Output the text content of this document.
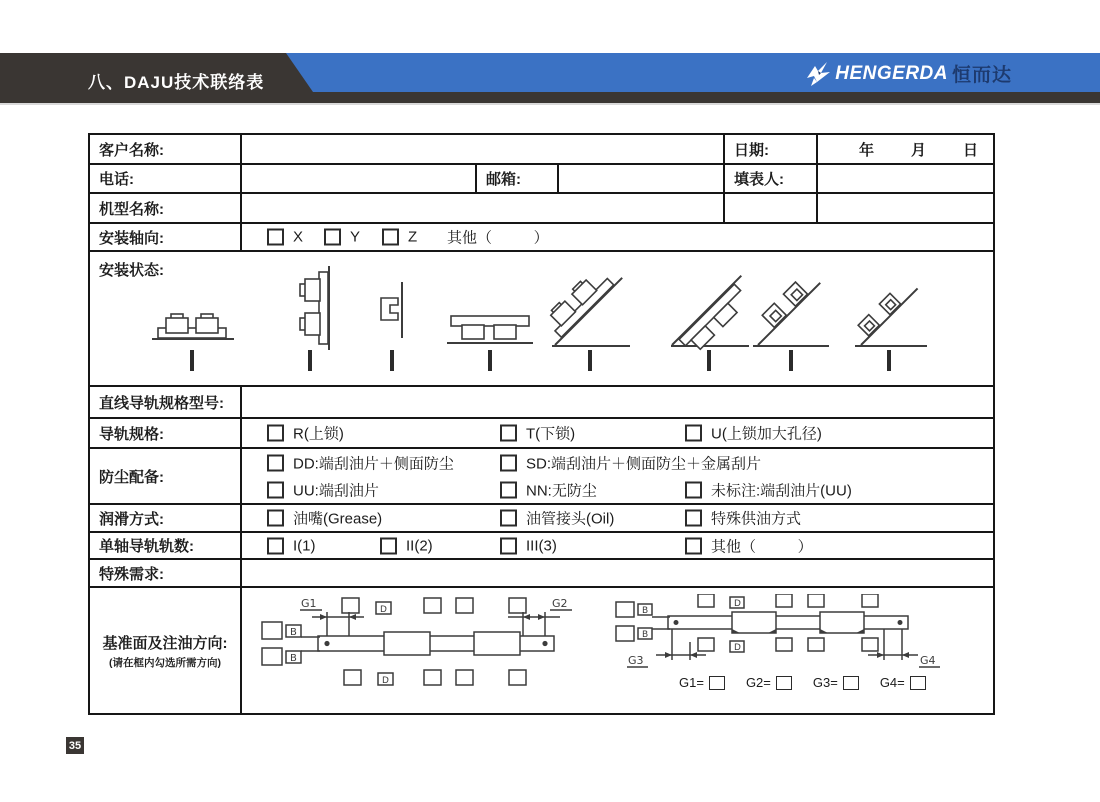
八、DAJU技术联络表	HENGERDA 恒而达
客户名称:	日期:	年 月 日
电话:	邮箱:	填表人:
机型名称:
安装轴向:	X	Y	Z 其他（          ）
安装状态:
直线导轨规格型号:
导轨规格:	R(上锁)	T(下锁)	U(上锁加大孔径)
防尘配备:
DD:端刮油片＋侧面防尘	SD:端刮油片＋侧面防尘＋金属刮片
UU:端刮油片	NN:无防尘	未标注:端刮油片(UU)
润滑方式:	油嘴(Grease)	油管接头(Oil)	特殊供油方式
单轴导轨轨数:	I(1)	II(2)	III(3)	其他（          ）
特殊需求:
基准面及注油方向:
(请在框内勾选所需方向)
B
B
G1	G2
D
D
B
B
D
D
G3	G4
G1=	G2=	G3=	G4=
35
